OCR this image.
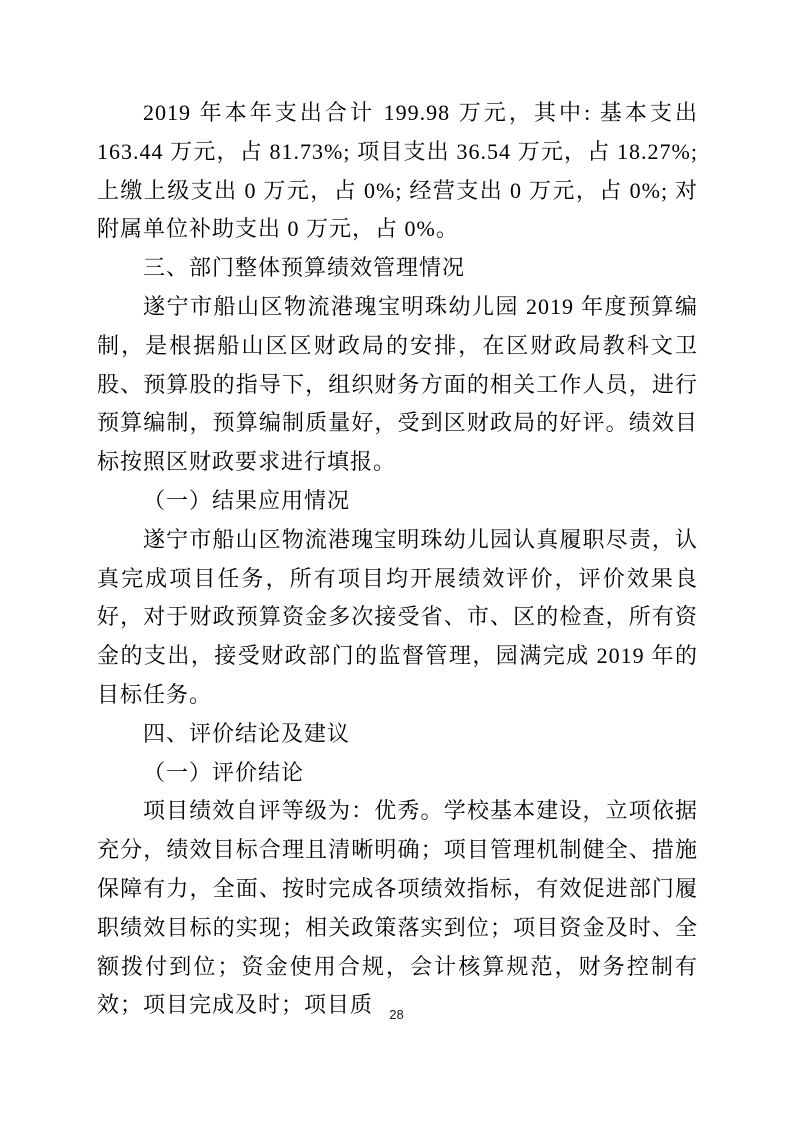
2019 年本年支出合计 199.98 万元，其中: 基本支出 163.44 万元，占 81.73%; 项目支出 36.54 万元，占 18.27%; 上缴上级支出 0 万元，占 0%; 经营支出 0 万元，占 0%; 对附属单位补助支出 0 万元，占 0%。

三、部门整体预算绩效管理情况

遂宁市船山区物流港瑰宝明珠幼儿园 2019 年度预算编制，是根据船山区区财政局的安排，在区财政局教科文卫股、预算股的指导下，组织财务方面的相关工作人员，进行预算编制，预算编制质量好，受到区财政局的好评。绩效目标按照区财政要求进行填报。

（一）结果应用情况

遂宁市船山区物流港瑰宝明珠幼儿园认真履职尽责，认真完成项目任务，所有项目均开展绩效评价，评价效果良好，对于财政预算资金多次接受省、市、区的检查，所有资金的支出，接受财政部门的监督管理，园满完成 2019 年的目标任务。

四、评价结论及建议
（一）评价结论

项目绩效自评等级为：优秀。学校基本建设，立项依据充分，绩效目标合理且清晰明确；项目管理机制健全、措施保障有力，全面、按时完成各项绩效指标，有效促进部门履职绩效目标的实现；相关政策落实到位；项目资金及时、全额拨付到位；资金使用合规，会计核算规范，财务控制有效；项目完成及时；项目质	28
